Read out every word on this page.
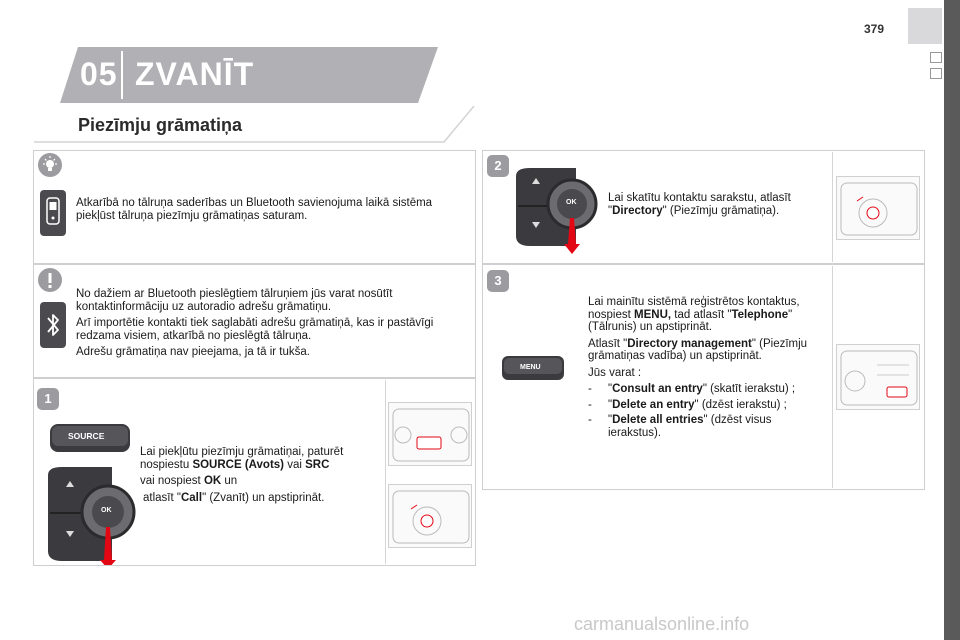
379
05 ZVANĪT
Piezīmju grāmatiņa
Atkarībā no tālruņa saderības un Bluetooth savienojuma laikā sistēma piekļūst tālruņa piezīmju grāmatiņas saturam.

No dažiem ar Bluetooth pieslēgtiem tālruņiem jūs varat nosūtīt kontaktinformāciju uz autoradio adrešu grāmatiņu.

Arī importētie kontakti tiek saglabāti adrešu grāmatiņā, kas ir pastāvīgi redzama visiem, atkarībā no pieslēgtā tālruņa.

Adrešu grāmatiņa nav pieejama, ja tā ir tukša.

1
SOURCE
OK

Lai piekļūtu piezīmju grāmatiņai, paturēt nospiestu SOURCE (Avots) vai SRC

vai nospiest OK un

atlasīt "Call" (Zvanīt) un apstiprināt.

2
OK	Lai skatītu kontaktu sarakstu, atlasīt "Directory" (Piezīmju grāmatiņa).

3
MENU

Lai mainītu sistēmā reģistrētos kontaktus, nospiest MENU, tad atlasīt "Telephone" (Tālrunis) un apstiprināt.

Atlasīt "Directory management" (Piezīmju grāmatiņas vadība) un apstiprināt.

Jūs varat :

-	"Consult an entry" (skatīt ierakstu) ;
-	"Delete an entry" (dzēst ierakstu) ;
-	"Delete all entries" (dzēst visus ierakstus).
carmanualsonline.info
